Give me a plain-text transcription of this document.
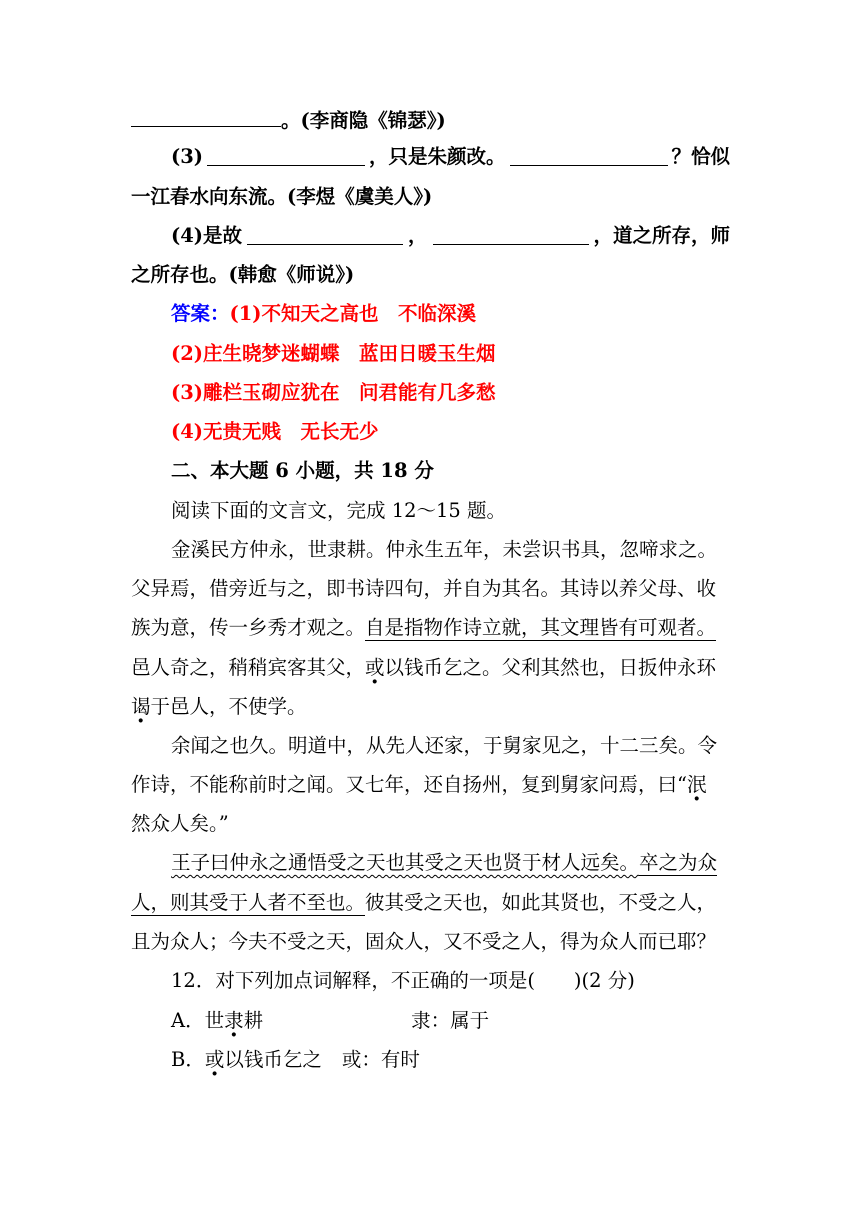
。(李商隐《锦瑟》)
(3)	，只是朱颜改。	？恰似
一江春水向东流。(李煜《虞美人》)
(4)是故	，	，道之所存，师
之所存也。(韩愈《师说》)
答案：(1)不知天之高也　不临深溪
(2)庄生晓梦迷蝴蝶　蓝田日暖玉生烟
(3)雕栏玉砌应犹在　问君能有几多愁
(4)无贵无贱　无长无少
二、本大题 6 小题，共 18 分
阅读下面的文言文，完成 12～15 题。
金溪民方仲永，世隶耕。仲永生五年，未尝识书具，忽啼求之。
父异焉，借旁近与之，即书诗四句，并自为其名。其诗以养父母、收
族为意，传一乡秀才观之。自是指物作诗立就，其文理皆有可观者。
邑人奇之，稍稍宾客其父，或以钱币乞之。父利其然也，日扳仲永环
谒于邑人，不使学。
余闻之也久。明道中，从先人还家，于舅家见之，十二三矣。令
作诗，不能称前时之闻。又七年，还自扬州，复到舅家问焉，曰“泯
然众人矣。”
王子曰仲永之通悟受之天也其受之天也贤于材人远矣。卒之为众
人，则其受于人者不至也。彼其受之天也，如此其贤也，不受之人，
且为众人；今夫不受之天，固众人，又不受之人，得为众人而已耶？
12．对下列加点词解释，不正确的一项是(　　)(2 分)
A．世隶耕	隶：属于
B．或以钱币乞之 或：有时
